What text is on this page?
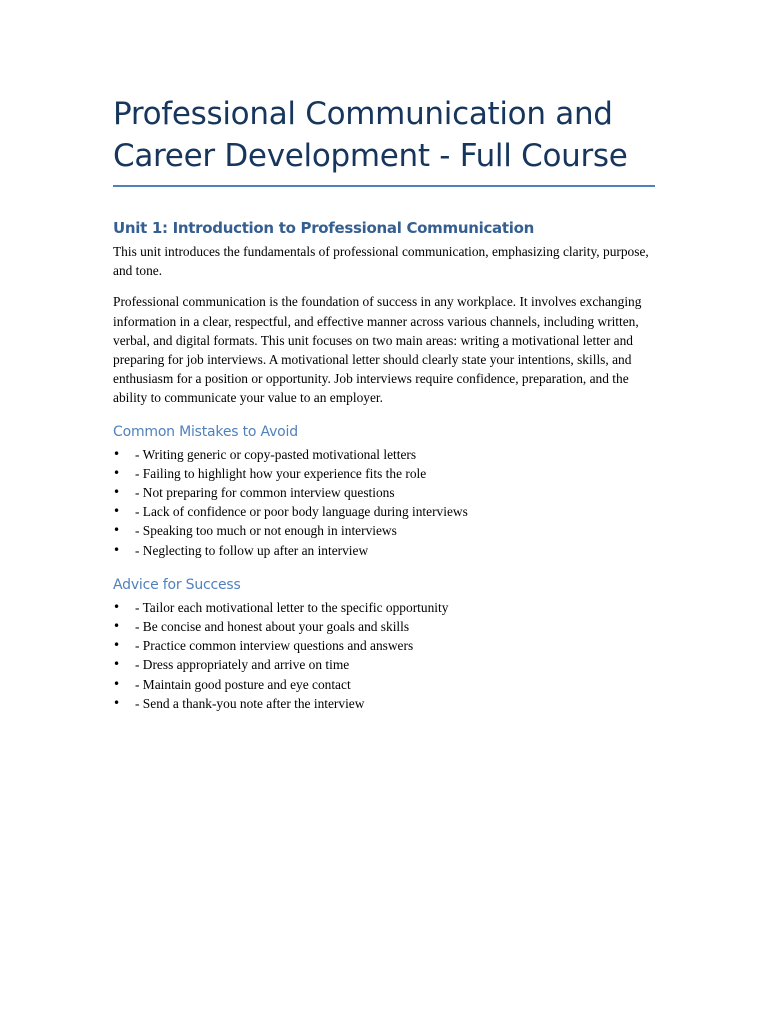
Professional Communication and Career Development - Full Course
Unit 1: Introduction to Professional Communication

This unit introduces the fundamentals of professional communication, emphasizing clarity, purpose, and tone.

Professional communication is the foundation of success in any workplace. It involves exchanging information in a clear, respectful, and effective manner across various channels, including written, verbal, and digital formats. This unit focuses on two main areas: writing a motivational letter and preparing for job interviews. A motivational letter should clearly state your intentions, skills, and enthusiasm for a position or opportunity. Job interviews require confidence, preparation, and the ability to communicate your value to an employer.

Common Mistakes to Avoid
• - Writing generic or copy-pasted motivational letters
• - Failing to highlight how your experience fits the role
• - Not preparing for common interview questions
• - Lack of confidence or poor body language during interviews
• - Speaking too much or not enough in interviews
• - Neglecting to follow up after an interview
Advice for Success
• - Tailor each motivational letter to the specific opportunity
• - Be concise and honest about your goals and skills
• - Practice common interview questions and answers
• - Dress appropriately and arrive on time
• - Maintain good posture and eye contact
• - Send a thank-you note after the interview
